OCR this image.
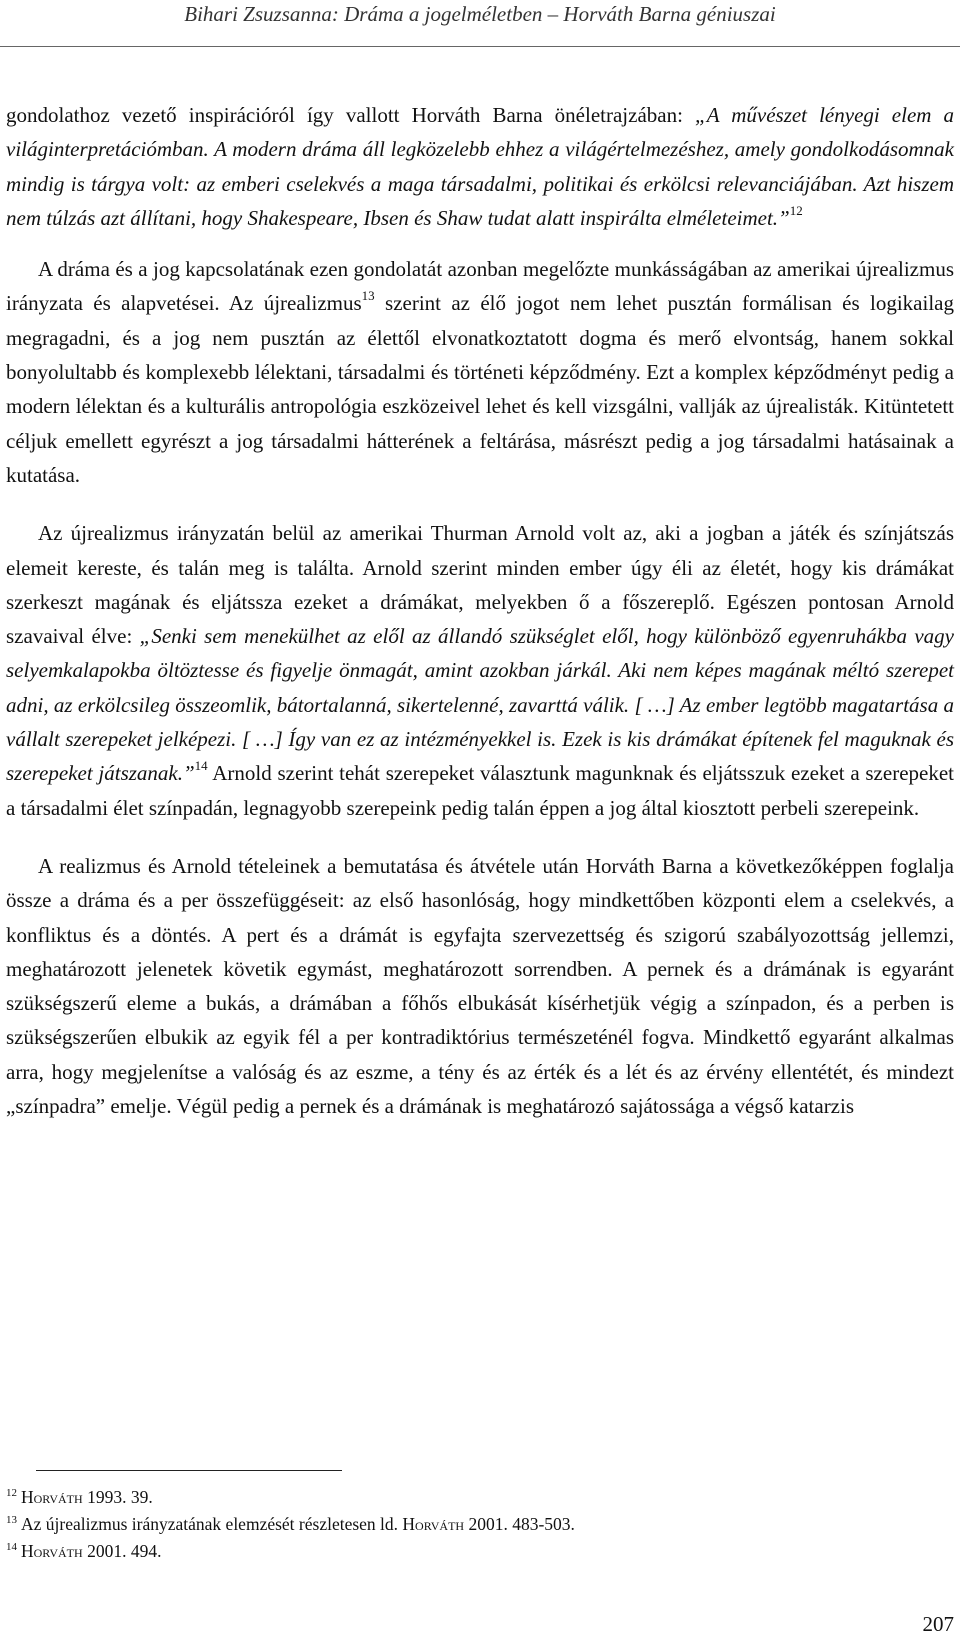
Bihari Zsuzsanna: Dráma a jogelméletben – Horváth Barna géniuszai

gondolathoz vezető inspirációról így vallott Horváth Barna önéletrajzában: „A művészet lényegi elem a világinterpretációmban. A modern dráma áll legközelebb ehhez a világértelmezéshez, amely gondolkodásomnak mindig is tárgya volt: az emberi cselekvés a maga társadalmi, politikai és erkölcsi relevanciájában. Azt hiszem nem túlzás azt állítani, hogy Shakespeare, Ibsen és Shaw tudat alatt inspirálta elméleteimet.”$^{12}$

A dráma és a jog kapcsolatának ezen gondolatát azonban megelőzte munkásságában az amerikai újrealizmus irányzata és alapvetései. Az újrealizmus$^{13}$ szerint az élő jogot nem lehet pusztán formálisan és logikailag megragadni, és a jog nem pusztán az élettől elvonatkoztatott dogma és merő elvontság, hanem sokkal bonyolultabb és komplexebb lélektani, társadalmi és történeti képződmény. Ezt a komplex képződményt pedig a modern lélektan és a kulturális antropológia eszközeivel lehet és kell vizsgálni, vallják az újrealisták. Kitüntetett céljuk emellett egyrészt a jog társadalmi hátterének a feltárása, másrészt pedig a jog társadalmi hatásainak a kutatása.

Az újrealizmus irányzatán belül az amerikai Thurman Arnold volt az, aki a jogban a játék és színjátszás elemeit kereste, és talán meg is találta. Arnold szerint minden ember úgy éli az életét, hogy kis drámákat szerkeszt magának és eljátssza ezeket a drámákat, melyekben ő a főszereplő. Egészen pontosan Arnold szavaival élve: „Senki sem menekülhet az elől az állandó szükséglet elől, hogy különböző egyenruhákba vagy selyemkalapokba öltöztesse és figyelje önmagát, amint azokban járkál. Aki nem képes magának méltó szerepet adni, az erkölcsileg összeomlik, bátortalanná, sikertelenné, zavarttá válik. [ …] Az ember legtöbb magatartása a vállalt szerepeket jelképezi. [ …] Így van ez az intézményekkel is. Ezek is kis drámákat építenek fel maguknak és szerepeket játszanak.”$^{14}$ Arnold szerint tehát szerepeket választunk magunknak és eljátsszuk ezeket a szerepeket a társadalmi élet színpadán, legnagyobb szerepeink pedig talán éppen a jog által kiosztott perbeli szerepeink.

A realizmus és Arnold tételeinek a bemutatása és átvétele után Horváth Barna a következőképpen foglalja össze a dráma és a per összefüggéseit: az első hasonlóság, hogy mindkettőben központi elem a cselekvés, a konfliktus és a döntés. A pert és a drámát is egyfajta szervezettség és szigorú szabályozottság jellemzi, meghatározott jelenetek követik egymást, meghatározott sorrendben. A pernek és a drámának is egyaránt szükségszerű eleme a bukás, a drámában a főhős elbukását kísérhetjük végig a színpadon, és a perben is szükségszerűen elbukik az egyik fél a per kontradiktórius természeténél fogva. Mindkettő egyaránt alkalmas arra, hogy megjelenítse a valóság és az eszme, a tény és az érték és a lét és az érvény ellentétét, és mindezt „színpadra” emelje. Végül pedig a pernek és a drámának is meghatározó sajátossága a végső katarzis

$^{12}$ Horváth 1993. 39.
$^{13}$ Az újrealizmus irányzatának elemzését részletesen ld. Horváth 2001. 483-503.
$^{14}$ Horváth 2001. 494.
207
